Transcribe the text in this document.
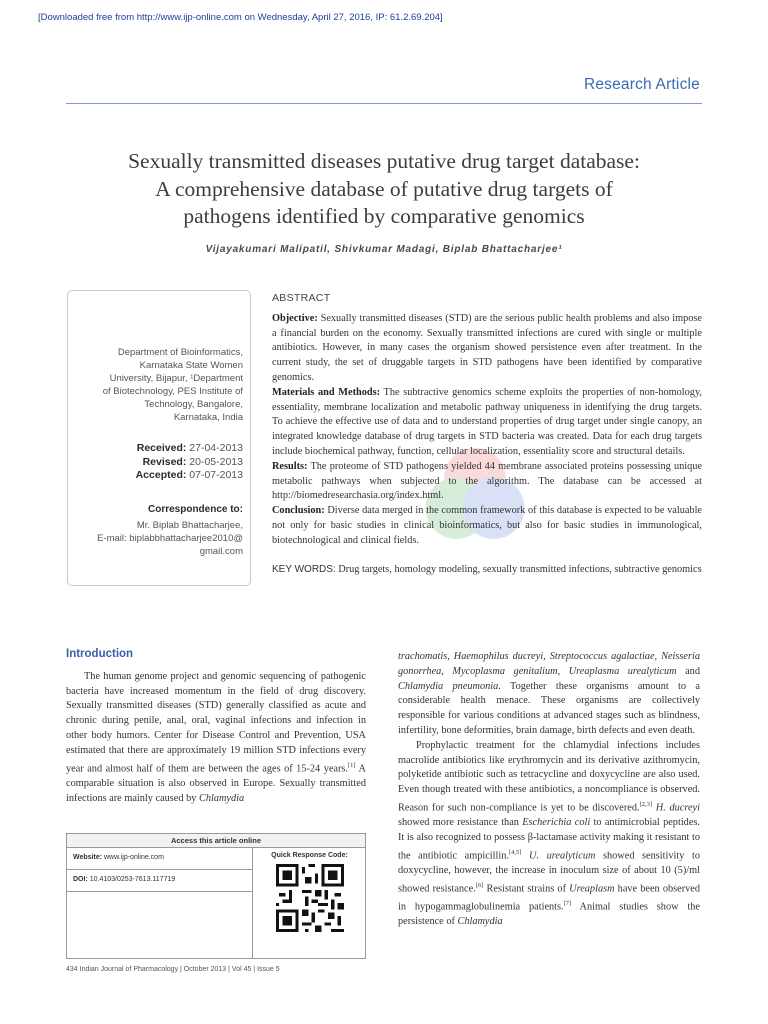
[Downloaded free from http://www.ijp-online.com on Wednesday, April 27, 2016, IP: 61.2.69.204]
Research Article
Sexually transmitted diseases putative drug target database:
A comprehensive database of putative drug targets of
pathogens identified by comparative genomics
Vijayakumari Malipatil, Shivkumar Madagi, Biplab Bhattacharjee¹
Department of Bioinformatics,
Karnataka State Women
University, Bijapur, ¹Department
of Biotechnology, PES Institute of
Technology, Bangalore,
Karnataka, India
Received: 27-04-2013
Revised: 20-05-2013
Accepted: 07-07-2013
Correspondence to:
Mr. Biplab Bhattacharjee,
E-mail: biplabbhattacharjee2010@
gmail.com
ABSTRACT
Objective: Sexually transmitted diseases (STD) are the serious public health problems and also impose a financial burden on the economy. Sexually transmitted infections are cured with single or multiple antibiotics. However, in many cases the organism showed persistence even after treatment. In the current study, the set of druggable targets in STD pathogens have been identified by comparative genomics.
Materials and Methods: The subtractive genomics scheme exploits the properties of non-homology, essentiality, membrane localization and metabolic pathway uniqueness in identifying the drug targets. To achieve the effective use of data and to understand properties of drug target under single canopy, an integrated knowledge database of drug targets in STD bacteria was created. Data for each drug targets include biochemical pathway, function, cellular localization, essentiality score and structural details.
Results: The proteome of STD pathogens yielded 44 membrane associated proteins possessing unique metabolic pathways when subjected to the algorithm. The database can be accessed at http://biomedresearchasia.org/index.html.
Conclusion: Diverse data merged in the common framework of this database is expected to be valuable not only for basic studies in clinical bioinformatics, but also for basic studies in immunological, biotechnological and clinical fields.
KEY WORDS: Drug targets, homology modeling, sexually transmitted infections, subtractive genomics
Introduction

The human genome project and genomic sequencing of pathogenic bacteria have increased momentum in the field of drug discovery. Sexually transmitted diseases (STD) generally classified as acute and chronic during penile, anal, oral, vaginal infections and infection in other body humors. Center for Disease Control and Prevention, USA estimated that there are approximately 19 million STD infections every year and almost half of them are between the ages of 15-24 years.[1] A comparable situation is also observed in Europe. Sexually transmitted infections are mainly caused by Chlamydia

trachomatis, Haemophilus ducreyi, Streptococcus agalactiae, Neisseria gonorrhea, Mycoplasma genitalium, Ureaplasma urealyticum and Chlamydia pneumonia. Together these organisms amount to a considerable health menace. These organisms are collectively responsible for various conditions at advanced stages such as blindness, infertility, bone deformities, brain damage, birth defects and even death.

Prophylactic treatment for the chlamydial infections includes macrolide antibiotics like erythromycin and its derivative azithromycin, polyketide antibiotic such as tetracycline and doxycycline are also used. Even though treated with these antibiotics, a noncompliance is observed. Reason for such non-compliance is yet to be discovered.[2,3] H. ducreyi showed more resistance than Escherichia coli to antimicrobial peptides. It is also recognized to possess β-lactamase activity making it resistant to the antibiotic ampicillin.[4,5] U. urealyticum showed sensitivity to doxycycline, however, the increase in inoculum size of about 10 (5)/ml showed resistance.[6] Resistant strains of Ureaplasm have been observed in hypogammaglobulinemia patients.[7] Animal studies show the persistence of Chlamydia

Access this article online
Website: www.ijp-online.com
DOI: 10.4103/0253-7613.117719
Quick Response Code:
434 Indian Journal of Pharmacology | October 2013 | Vol 45 | Issue 5
